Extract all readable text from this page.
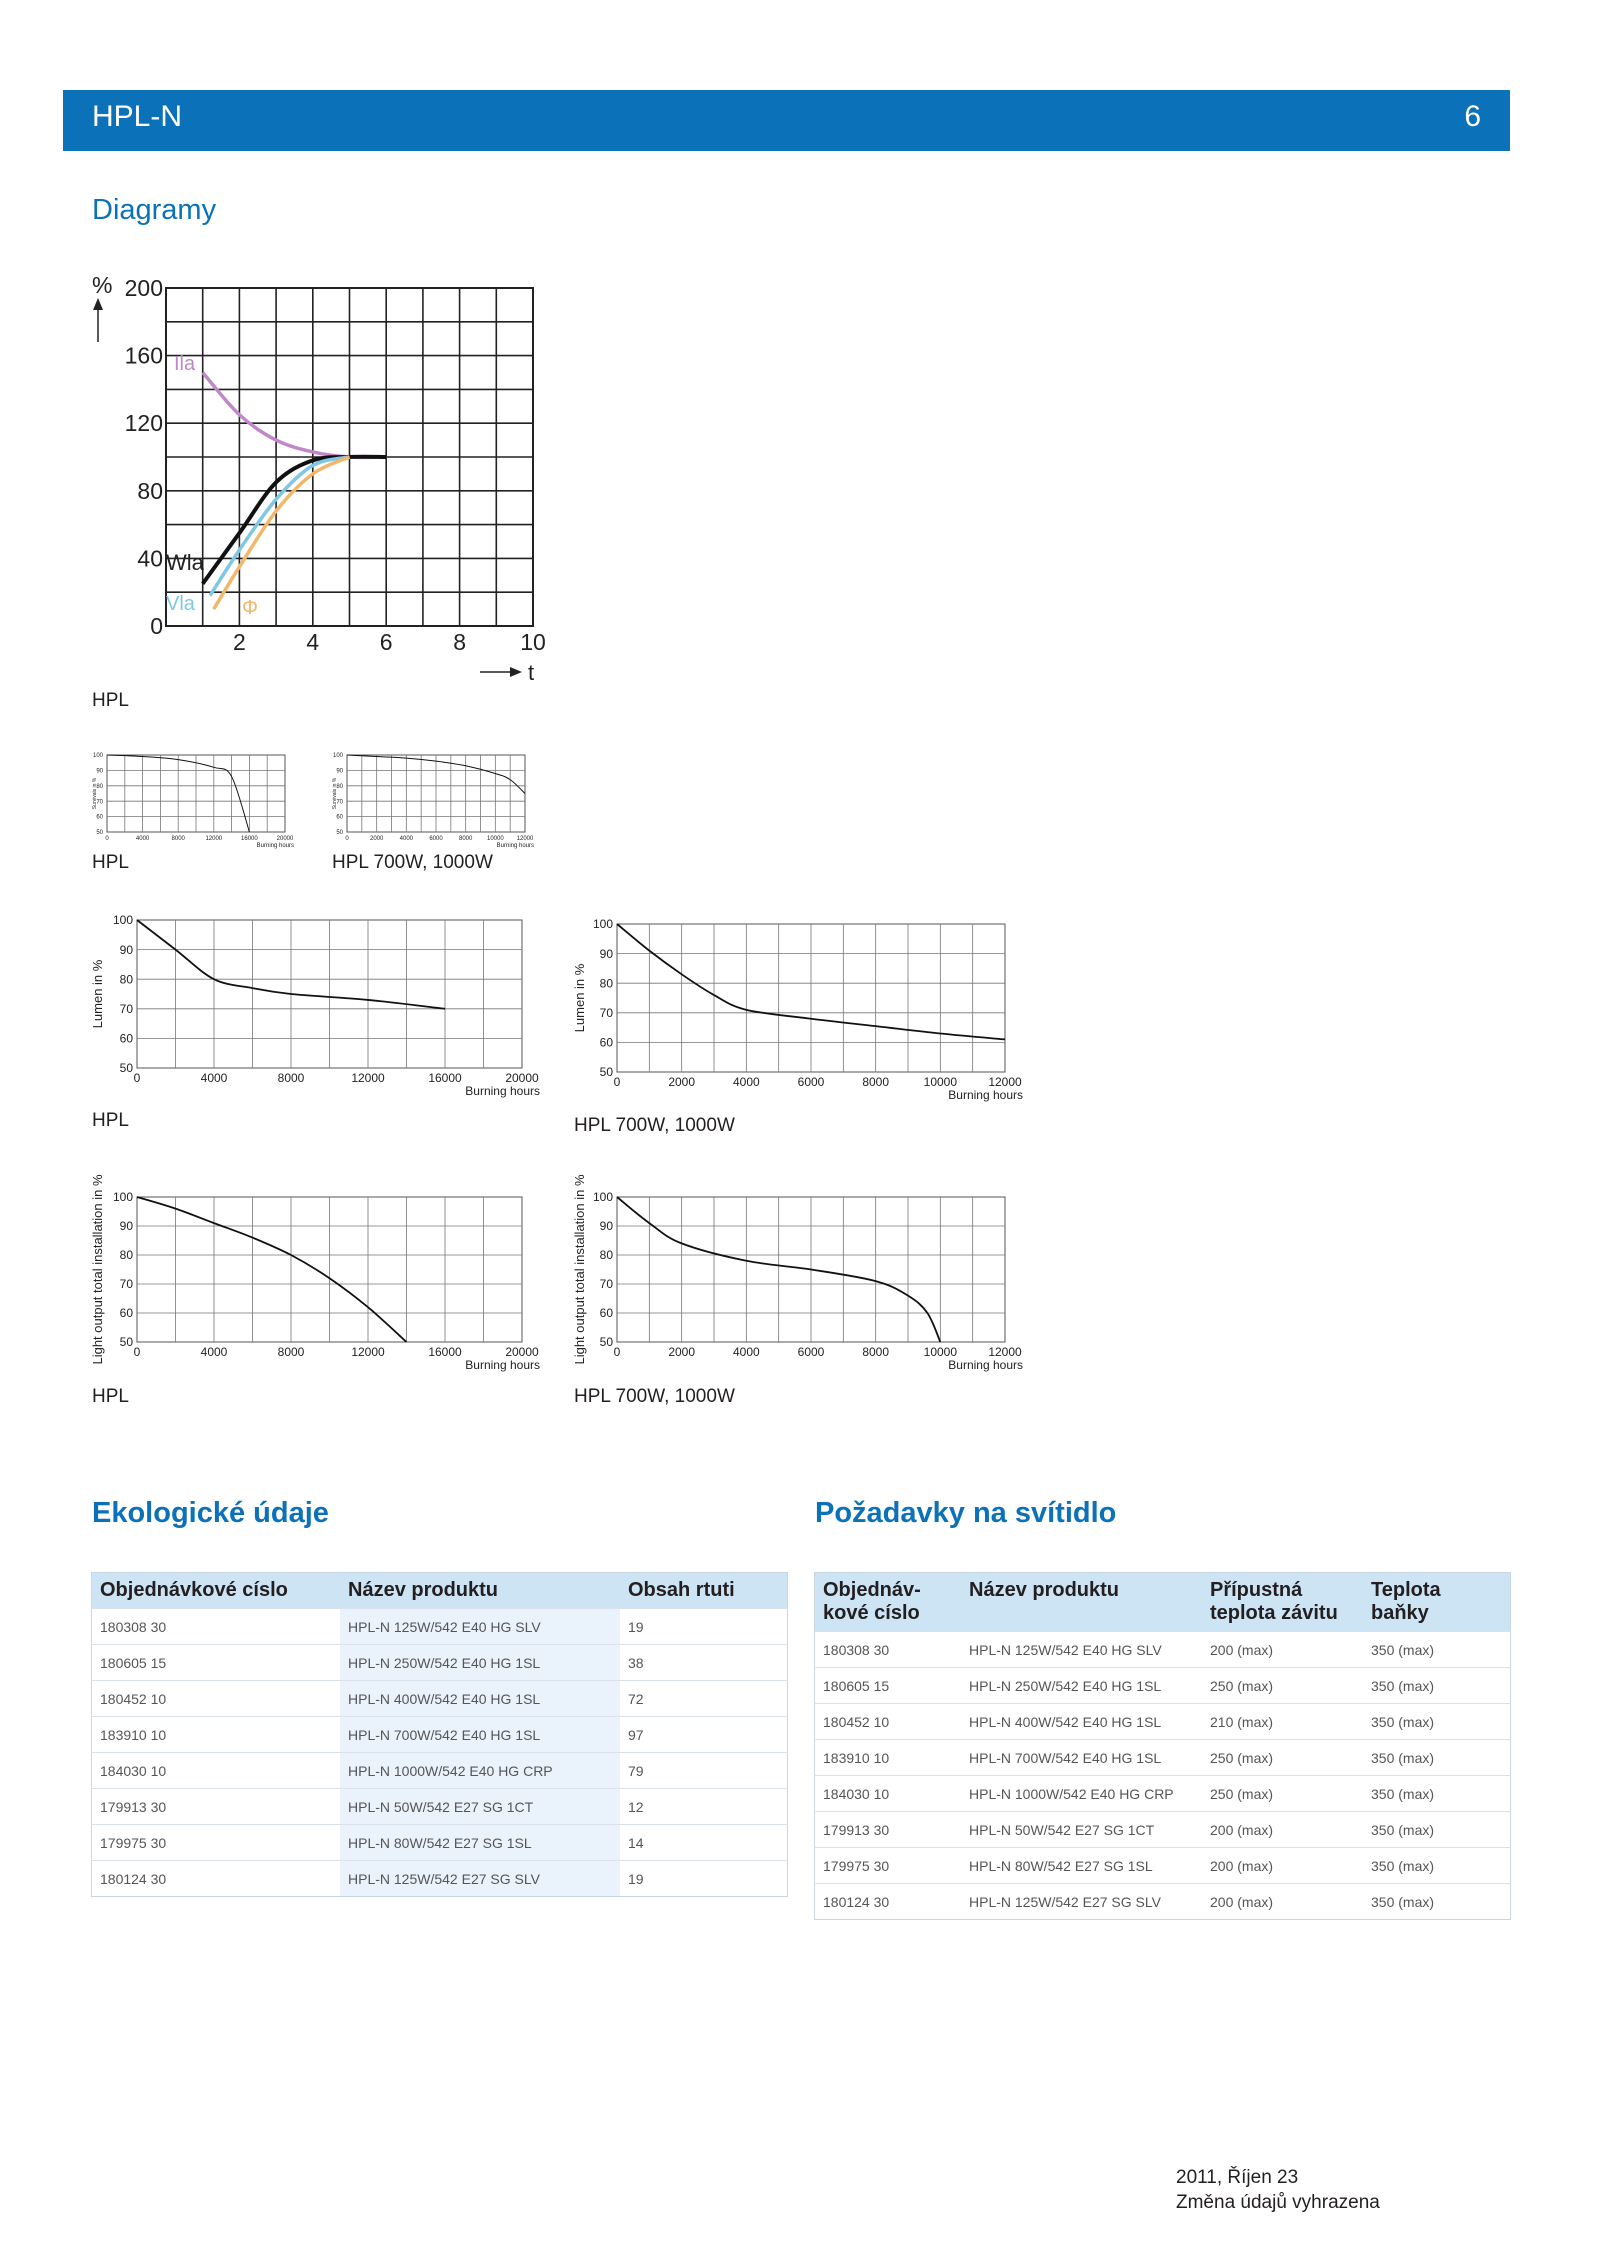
HPL-N	6
Diagramy
200
160
120
80
40
0
2	4	6	8 10
%
t
Ila
Wla
Vla Φ
HPL
100
90
80
70
60
50
0	4000	8000	12000	16000	20000
Burning hours
Survivals in %
HPL
100
90
80
70
60
50
0	2000	4000	6000	8000 10000 12000
Burning hours
Survivals in %
HPL 700W, 1000W
100
90
80
70
60
50
0	4000	8000	12000	16000	20000
Burning hours
Lumen in %
HPL
100
90
80
70
60
50
0	2000	4000	6000	8000	10000	12000
Burning hours
Lumen in %
HPL 700W, 1000W
100
90
80
70
60
50
0	4000	8000	12000	16000	20000
Burning hours
Light output total installation in %
HPL
100
90
80
70
60
50
0	2000	4000	6000	8000	10000	12000
Burning hours
Light output total installation in %
HPL 700W, 1000W
Ekologické údaje
Objednávkové císlo	Název produktu	Obsah rtuti
180308 30	HPL-N 125W/542 E40 HG SLV	19
180605 15	HPL-N 250W/542 E40 HG 1SL	38
180452 10	HPL-N 400W/542 E40 HG 1SL	72
183910 10	HPL-N 700W/542 E40 HG 1SL	97
184030 10	HPL-N 1000W/542 E40 HG CRP	79
179913 30	HPL-N 50W/542 E27 SG 1CT	12
179975 30	HPL-N 80W/542 E27 SG 1SL	14
180124 30	HPL-N 125W/542 E27 SG SLV	19
Požadavky na svítidlo
Objednáv- kové císlo	Název produktu	Přípustná teplota závitu	Teplota baňky
180308 30	HPL-N 125W/542 E40 HG SLV	200 (max)	350 (max)
180605 15	HPL-N 250W/542 E40 HG 1SL	250 (max)	350 (max)
180452 10	HPL-N 400W/542 E40 HG 1SL	210 (max)	350 (max)
183910 10	HPL-N 700W/542 E40 HG 1SL	250 (max)	350 (max)
184030 10	HPL-N 1000W/542 E40 HG CRP	250 (max)	350 (max)
179913 30	HPL-N 50W/542 E27 SG 1CT	200 (max)	350 (max)
179975 30	HPL-N 80W/542 E27 SG 1SL	200 (max)	350 (max)
180124 30	HPL-N 125W/542 E27 SG SLV	200 (max)	350 (max)
2011, Říjen 23
Změna údajů vyhrazena
